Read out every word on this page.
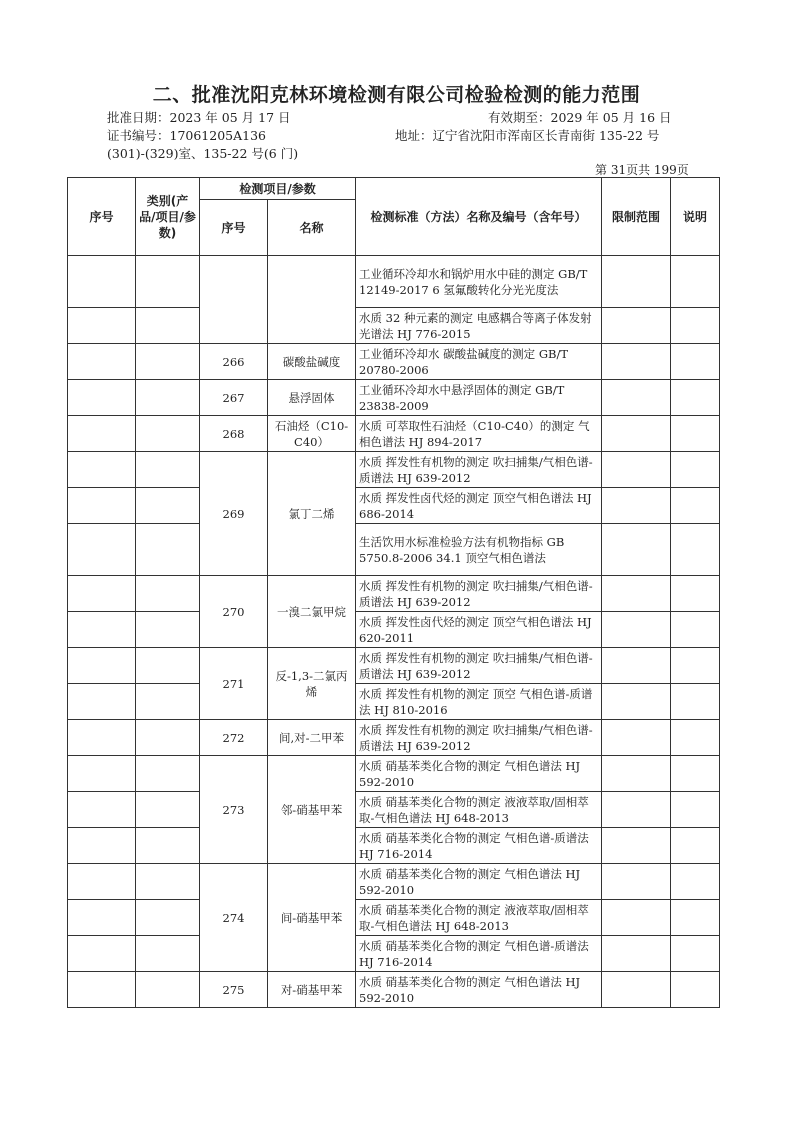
二、批准沈阳克林环境检测有限公司检验检测的能力范围
批准日期：2023 年 05 月 17 日	有效期至：2029 年 05 月 16 日
证书编号：17061205A136	地址：辽宁省沈阳市浑南区长青南街 135-22 号
(301)-(329)室、135-22 号(6 门)
第 31页共 199页
序号	类别(产品/项目/参数)	检测项目/参数		检测标准（方法）名称及编号（含年号）	限制范围	说明
		序号	名称			
				工业循环冷却水和锅炉用水中硅的测定 GB/T 12149-2017 6 氢氟酸转化分光光度法		
				水质 32 种元素的测定 电感耦合等离子体发射光谱法 HJ 776-2015		
		266	碳酸盐碱度	工业循环冷却水 碳酸盐碱度的测定 GB/T 20780-2006		
		267	悬浮固体	工业循环冷却水中悬浮固体的测定 GB/T 23838-2009		
		268	石油烃（C10-C40）	水质 可萃取性石油烃（C10-C40）的测定 气相色谱法 HJ 894-2017		
		269	氯丁二烯	水质 挥发性有机物的测定 吹扫捕集/气相色谱-质谱法 HJ 639-2012		
				水质 挥发性卤代烃的测定 顶空气相色谱法 HJ 686-2014		
				生活饮用水标准检验方法有机物指标 GB 5750.8-2006 34.1 顶空气相色谱法		
		270	一溴二氯甲烷	水质 挥发性有机物的测定 吹扫捕集/气相色谱-质谱法 HJ 639-2012		
				水质 挥发性卤代烃的测定 顶空气相色谱法 HJ 620-2011		
		271	反-1,3-二氯丙烯	水质 挥发性有机物的测定 吹扫捕集/气相色谱-质谱法 HJ 639-2012		
				水质 挥发性有机物的测定 顶空 气相色谱-质谱法 HJ 810-2016		
		272	间,对-二甲苯	水质 挥发性有机物的测定 吹扫捕集/气相色谱-质谱法 HJ 639-2012		
		273	邻-硝基甲苯	水质 硝基苯类化合物的测定 气相色谱法 HJ 592-2010		
				水质 硝基苯类化合物的测定 液液萃取/固相萃取-气相色谱法 HJ 648-2013		
				水质 硝基苯类化合物的测定 气相色谱-质谱法 HJ 716-2014		
		274	间-硝基甲苯	水质 硝基苯类化合物的测定 气相色谱法 HJ 592-2010		
				水质 硝基苯类化合物的测定 液液萃取/固相萃取-气相色谱法 HJ 648-2013		
				水质 硝基苯类化合物的测定 气相色谱-质谱法 HJ 716-2014		
		275	对-硝基甲苯	水质 硝基苯类化合物的测定 气相色谱法 HJ 592-2010		
